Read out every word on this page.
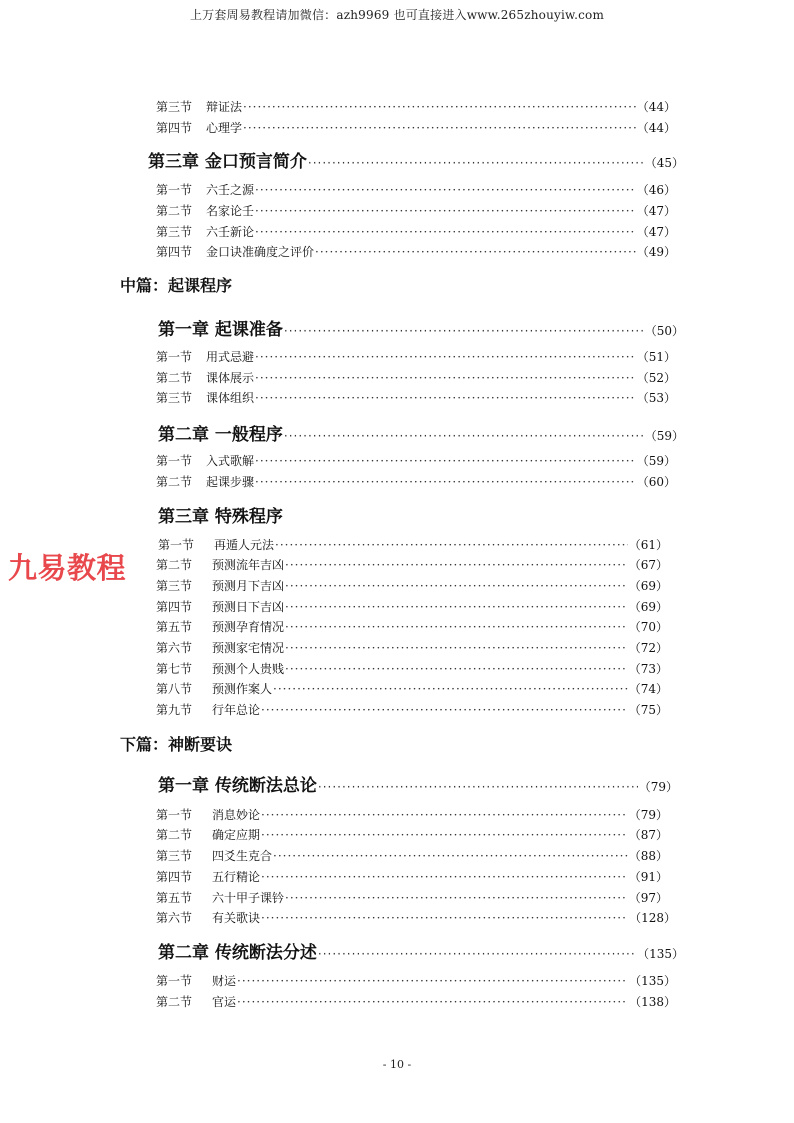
上万套周易教程请加微信：azh9969 也可直接进入www.265zhouyiw.com
第三节	辩证法 ·····	（44）
第四节	心理学 ·····	（44）
第三章 金口预言简介 ·····	（45）
第一节	六壬之源 ·····	（46）
第二节	名家论壬 ·····	（47）
第三节	六壬新论 ·····	（47）
第四节	金口诀准确度之评价 ·····	（49）
中篇：起课程序
第一章 起课准备 ·····	（50）
第一节	用式忌避 ·····	（51）
第二节	课体展示 ·····	（52）
第三节	课体组织 ·····	（53）
第二章 一般程序 ·····	（59）
第一节	入式歌解 ·····	（59）
第二节	起课步骤 ·····	（60）
第三章 特殊程序
第一节	再遁人元法 ·····	（61）
第二节	预测流年吉凶 ·····	（67）
第三节	预测月下吉凶 ·····	（69）
第四节	预测日下吉凶 ·····	（69）
第五节	预测孕育情况 ·····	（70）
第六节	预测家宅情况 ·····	（72）
第七节	预测个人贵贱 ·····	（73）
第八节	预测作案人 ·····	（74）
第九节	行年总论 ·····	（75）
下篇：神断要诀
第一章 传统断法总论 ·····	（79）
第一节	消息妙论 ·····	（79）
第二节	确定应期 ·····	（87）
第三节	四爻生克合 ·····	（88）
第四节	五行精论 ·····	（91）
第五节	六十甲子课钤 ·····	（97）
第六节	有关歌诀 ·····	（128）
第二章 传统断法分述 ·····	（135）
第一节	财运 ·····	（135）
第二节	官运 ·····	（138）
九易教程
- 10 -
